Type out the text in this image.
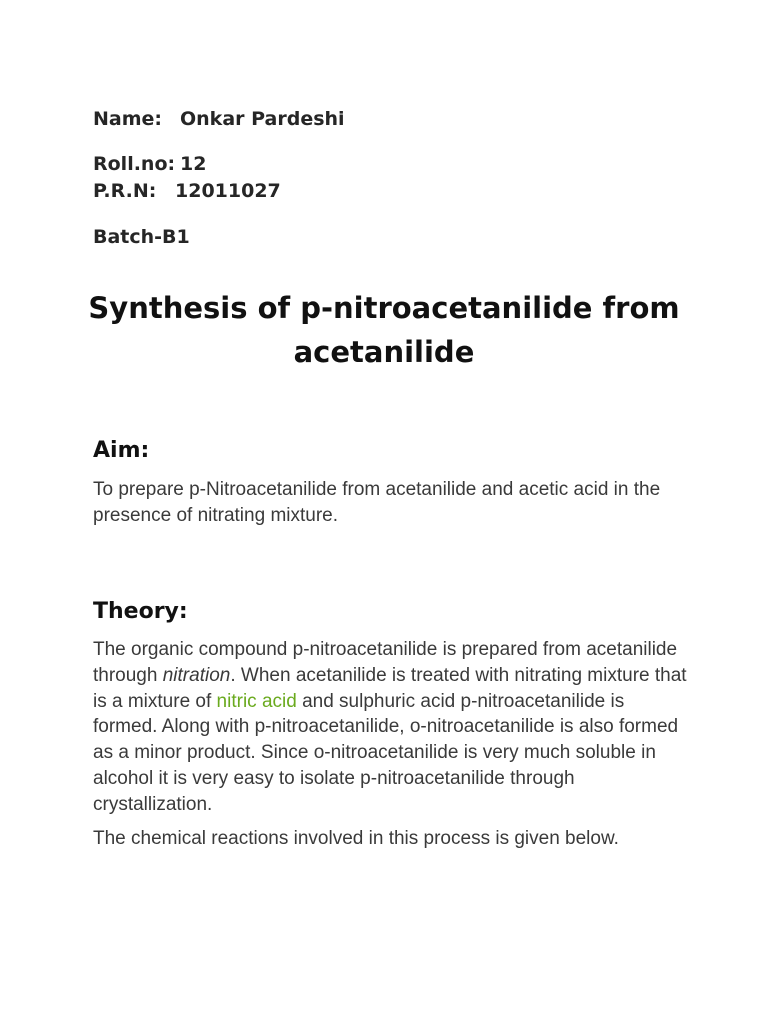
Name: Onkar Pardeshi
Roll.no: 12
P.R.N: 12011027
Batch-B1
Synthesis of p-nitroacetanilide from acetanilide
Aim:

To prepare p-Nitroacetanilide from acetanilide and acetic acid in the presence of nitrating mixture.

Theory:

The organic compound p-nitroacetanilide is prepared from acetanilide through nitration. When acetanilide is treated with nitrating mixture that is a mixture of nitric acid and sulphuric acid p-nitroacetanilide is formed. Along with p-nitroacetanilide, o-nitroacetanilide is also formed as a minor product. Since o-nitroacetanilide is very much soluble in alcohol it is very easy to isolate p-nitroacetanilide through crystallization.

The chemical reactions involved in this process is given below.
